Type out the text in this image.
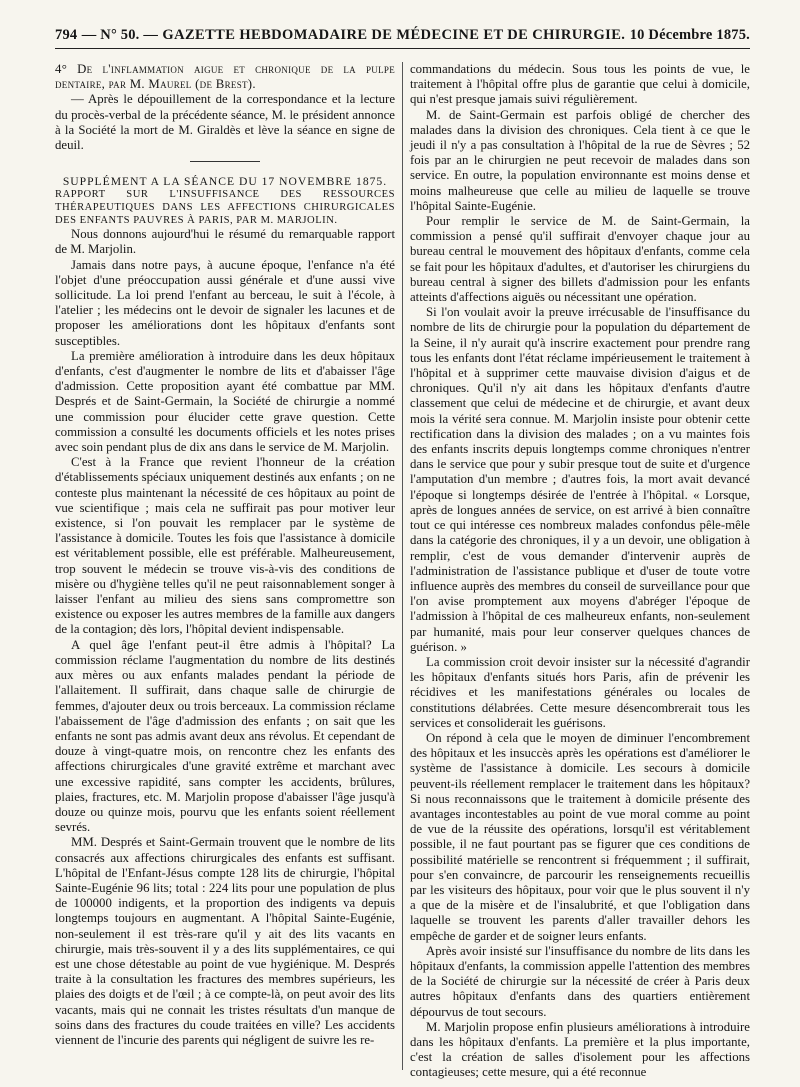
794 — N° 50. — GAZETTE HEBDOMADAIRE DE MÉDECINE ET DE CHIRURGIE. 10 Décembre 1875.

4° De l'inflammation aigue et chronique de la pulpe dentaire, par M. Maurel (de Brest).

— Après le dépouillement de la correspondance et la lecture du procès-verbal de la précédente séance, M. le président annonce à la Société la mort de M. Giraldès et lève la séance en signe de deuil.

SUPPLÉMENT A LA SÉANCE DU 17 NOVEMBRE 1875.

RAPPORT SUR L'INSUFFISANCE DES RESSOURCES THÉRAPEUTIQUES DANS LES AFFECTIONS CHIRURGICALES DES ENFANTS PAUVRES À PARIS, PAR M. MARJOLIN.

Nous donnons aujourd'hui le résumé du remarquable rapport de M. Marjolin.

Jamais dans notre pays, à aucune époque, l'enfance n'a été l'objet d'une préoccupation aussi générale et d'une aussi vive sollicitude. La loi prend l'enfant au berceau, le suit à l'école, à l'atelier ; les médecins ont le devoir de signaler les lacunes et de proposer les améliorations dont les hôpitaux d'enfants sont susceptibles.

La première amélioration à introduire dans les deux hôpitaux d'enfants, c'est d'augmenter le nombre de lits et d'abaisser l'âge d'admission. Cette proposition ayant été combattue par MM. Després et de Saint-Germain, la Société de chirurgie a nommé une commission pour élucider cette grave question. Cette commission a consulté les documents officiels et les notes prises avec soin pendant plus de dix ans dans le service de M. Marjolin.

C'est à la France que revient l'honneur de la création d'établissements spéciaux uniquement destinés aux enfants ; on ne conteste plus maintenant la nécessité de ces hôpitaux au point de vue scientifique ; mais cela ne suffirait pas pour motiver leur existence, si l'on pouvait les remplacer par le système de l'assistance à domicile. Toutes les fois que l'assistance à domicile est véritablement possible, elle est préférable. Malheureusement, trop souvent le médecin se trouve vis-à-vis des conditions de misère ou d'hygiène telles qu'il ne peut raisonnablement songer à laisser l'enfant au milieu des siens sans compromettre son existence ou exposer les autres membres de la famille aux dangers de la contagion; dès lors, l'hôpital devient indispensable.

A quel âge l'enfant peut-il être admis à l'hôpital? La commission réclame l'augmentation du nombre de lits destinés aux mères ou aux enfants malades pendant la période de l'allaitement. Il suffirait, dans chaque salle de chirurgie de femmes, d'ajouter deux ou trois berceaux. La commission réclame l'abaissement de l'âge d'admission des enfants ; on sait que les enfants ne sont pas admis avant deux ans révolus. Et cependant de douze à vingt-quatre mois, on rencontre chez les enfants des affections chirurgicales d'une gravité extrême et marchant avec une excessive rapidité, sans compter les accidents, brûlures, plaies, fractures, etc. M. Marjolin propose d'abaisser l'âge jusqu'à douze ou quinze mois, pourvu que les enfants soient réellement sevrés.

MM. Després et Saint-Germain trouvent que le nombre de lits consacrés aux affections chirurgicales des enfants est suffisant. L'hôpital de l'Enfant-Jésus compte 128 lits de chirurgie, l'hôpital Sainte-Eugénie 96 lits; total : 224 lits pour une population de plus de 100000 indigents, et la proportion des indigents va depuis longtemps toujours en augmentant. A l'hôpital Sainte-Eugénie, non-seulement il est très-rare qu'il y ait des lits vacants en chirurgie, mais très-souvent il y a des lits supplémentaires, ce qui est une chose détestable au point de vue hygiénique. M. Després traite à la consultation les fractures des membres supérieurs, les plaies des doigts et de l'œil ; à ce compte-là, on peut avoir des lits vacants, mais qui ne connait les tristes résultats d'un manque de soins dans des fractures du coude traitées en ville? Les accidents viennent de l'incurie des parents qui négligent de suivre les re-

commandations du médecin. Sous tous les points de vue, le traitement à l'hôpital offre plus de garantie que celui à domicile, qui n'est presque jamais suivi régulièrement.

M. de Saint-Germain est parfois obligé de chercher des malades dans la division des chroniques. Cela tient à ce que le jeudi il n'y a pas consultation à l'hôpital de la rue de Sèvres ; 52 fois par an le chirurgien ne peut recevoir de malades dans son service. En outre, la population environnante est moins dense et moins malheureuse que celle au milieu de laquelle se trouve l'hôpital Sainte-Eugénie.

Pour remplir le service de M. de Saint-Germain, la commission a pensé qu'il suffirait d'envoyer chaque jour au bureau central le mouvement des hôpitaux d'enfants, comme cela se fait pour les hôpitaux d'adultes, et d'autoriser les chirurgiens du bureau central à signer des billets d'admission pour les enfants atteints d'affections aiguës ou nécessitant une opération.

Si l'on voulait avoir la preuve irrécusable de l'insuffisance du nombre de lits de chirurgie pour la population du département de la Seine, il n'y aurait qu'à inscrire exactement pour prendre rang tous les enfants dont l'état réclame impérieusement le traitement à l'hôpital et à supprimer cette mauvaise division d'aigus et de chroniques. Qu'il n'y ait dans les hôpitaux d'enfants d'autre classement que celui de médecine et de chirurgie, et avant deux mois la vérité sera connue. M. Marjolin insiste pour obtenir cette rectification dans la division des malades ; on a vu maintes fois des enfants inscrits depuis longtemps comme chroniques n'entrer dans le service que pour y subir presque tout de suite et d'urgence l'amputation d'un membre ; d'autres fois, la mort avait devancé l'époque si longtemps désirée de l'entrée à l'hôpital. « Lorsque, après de longues années de service, on est arrivé à bien connaître tout ce qui intéresse ces nombreux malades confondus pêle-mêle dans la catégorie des chroniques, il y a un devoir, une obligation à remplir, c'est de vous demander d'intervenir auprès de l'administration de l'assistance publique et d'user de toute votre influence auprès des membres du conseil de surveillance pour que l'on avise promptement aux moyens d'abréger l'époque de l'admission à l'hôpital de ces malheureux enfants, non-seulement par humanité, mais pour leur conserver quelques chances de guérison. »

La commission croit devoir insister sur la nécessité d'agrandir les hôpitaux d'enfants situés hors Paris, afin de prévenir les récidives et les manifestations générales ou locales de constitutions délabrées. Cette mesure désencombrerait tous les services et consoliderait les guérisons.

On répond à cela que le moyen de diminuer l'encombrement des hôpitaux et les insuccès après les opérations est d'améliorer le système de l'assistance à domicile. Les secours à domicile peuvent-ils réellement remplacer le traitement dans les hôpitaux? Si nous reconnaissons que le traitement à domicile présente des avantages incontestables au point de vue moral comme au point de vue de la réussite des opérations, lorsqu'il est véritablement possible, il ne faut pourtant pas se figurer que ces conditions de possibilité matérielle se rencontrent si fréquemment ; il suffirait, pour s'en convaincre, de parcourir les renseignements recueillis par les visiteurs des hôpitaux, pour voir que le plus souvent il n'y a que de la misère et de l'insalubrité, et que l'obligation dans laquelle se trouvent les parents d'aller travailler dehors les empêche de garder et de soigner leurs enfants.

Après avoir insisté sur l'insuffisance du nombre de lits dans les hôpitaux d'enfants, la commission appelle l'attention des membres de la Société de chirurgie sur la nécessité de créer à Paris deux autres hôpitaux d'enfants dans des quartiers entièrement dépourvus de tout secours.

M. Marjolin propose enfin plusieurs améliorations à introduire dans les hôpitaux d'enfants. La première et la plus importante, c'est la création de salles d'isolement pour les affections contagieuses; cette mesure, qui a été reconnue
